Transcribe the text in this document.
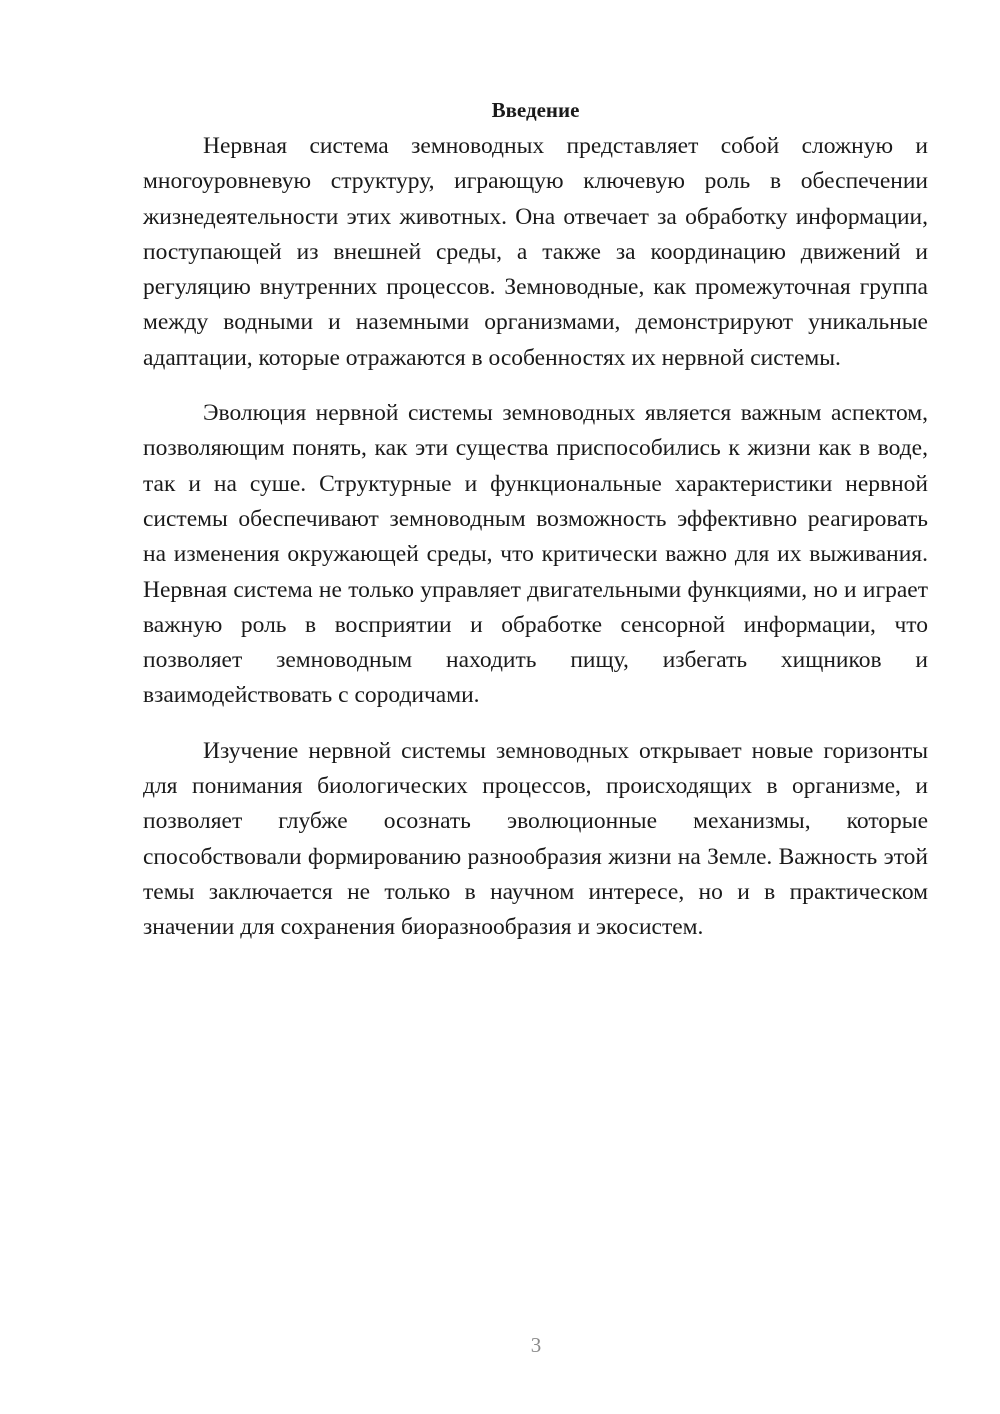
Введение

Нервная система земноводных представляет собой сложную и многоуровневую структуру, играющую ключевую роль в обеспечении жизнедеятельности этих животных. Она отвечает за обработку информации, поступающей из внешней среды, а также за координацию движений и регуляцию внутренних процессов. Земноводные, как промежуточная группа между водными и наземными организмами, демонстрируют уникальные адаптации, которые отражаются в особенностях их нервной системы.

Эволюция нервной системы земноводных является важным аспектом, позволяющим понять, как эти существа приспособились к жизни как в воде, так и на суше. Структурные и функциональные характеристики нервной системы обеспечивают земноводным возможность эффективно реагировать на изменения окружающей среды, что критически важно для их выживания. Нервная система не только управляет двигательными функциями, но и играет важную роль в восприятии и обработке сенсорной информации, что позволяет земноводным находить пищу, избегать хищников и взаимодействовать с сородичами.

Изучение нервной системы земноводных открывает новые горизонты для понимания биологических процессов, происходящих в организме, и позволяет глубже осознать эволюционные механизмы, которые способствовали формированию разнообразия жизни на Земле. Важность этой темы заключается не только в научном интересе, но и в практическом значении для сохранения биоразнообразия и экосистем.

3
